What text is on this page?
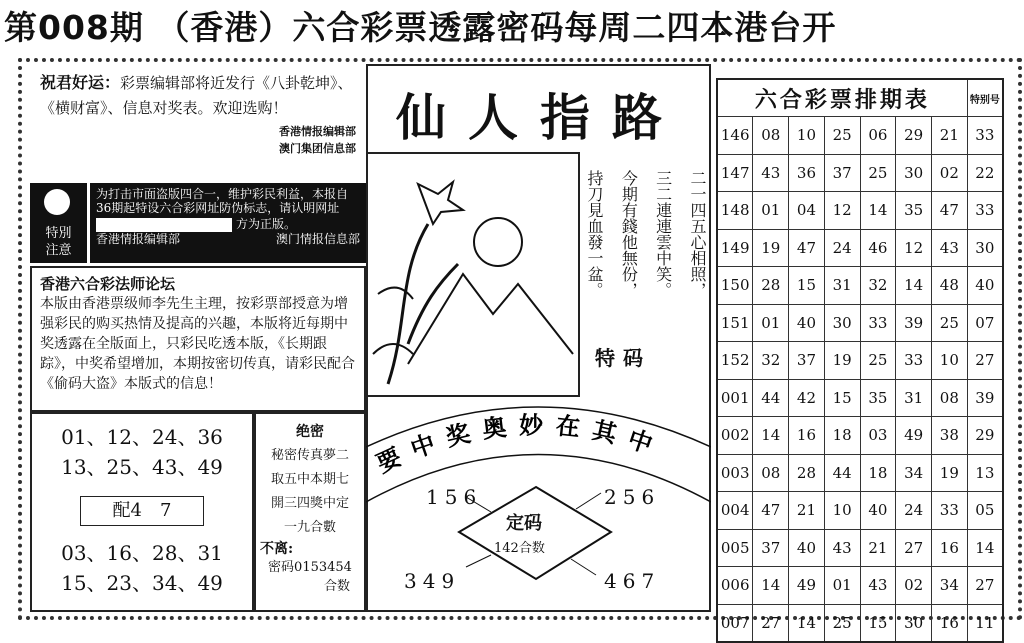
第008期 （香港）六合彩票透露密码每周二四本港台开
祝君好运：彩票编辑部将近发行《八卦乾坤》、《横财富》、信息对奖表。欢迎选购！
香港情报编辑部
澳门集团信息部
特別
注意
为打击市面盗版四合一，维护彩民利益，本报自36期起特设六合彩网址防伪标志，请认明网址
方为正版。
香港情报编辑部	澳门情报信息部
香港六合彩法师论坛
本版由香港票级师李先生主理，按彩票部授意为增强彩民的购买热情及提高的兴趣，本版将近每期中奖透露在全版面上，只彩民吃透本版，《长期跟踪》，中奖希望增加，本期按密切传真，请彩民配合《偷码大盗》本版式的信息！
01、12、24、36
13、25、43、49
配4　7
03、16、28、31
15、23、34、49
绝密
秘密传真夢二
取五中本期七
開三四獎中定
一九合數
不离:
密码0153454
合数
仙人指路
二一四五心相照，
三二連連雲中笑。
今期有錢他無份，
持刀見血發一盆。
特码
要中奖奥妙在其中
156	256
349	467
定码
142合数
六合彩票排期表							特别号
146	08	10	25	06	29	21	33
147	43	36	37	25	30	02	22
148	01	04	12	14	35	47	33
149	19	47	24	46	12	43	30
150	28	15	31	32	14	48	40
151	01	40	30	33	39	25	07
152	32	37	19	25	33	10	27
001	44	42	15	35	31	08	39
002	14	16	18	03	49	38	29
003	08	28	44	18	34	19	13
004	47	21	10	40	24	33	05
005	37	40	43	21	27	16	14
006	14	49	01	43	02	34	27
007	27	14	25	15	30	16	11
